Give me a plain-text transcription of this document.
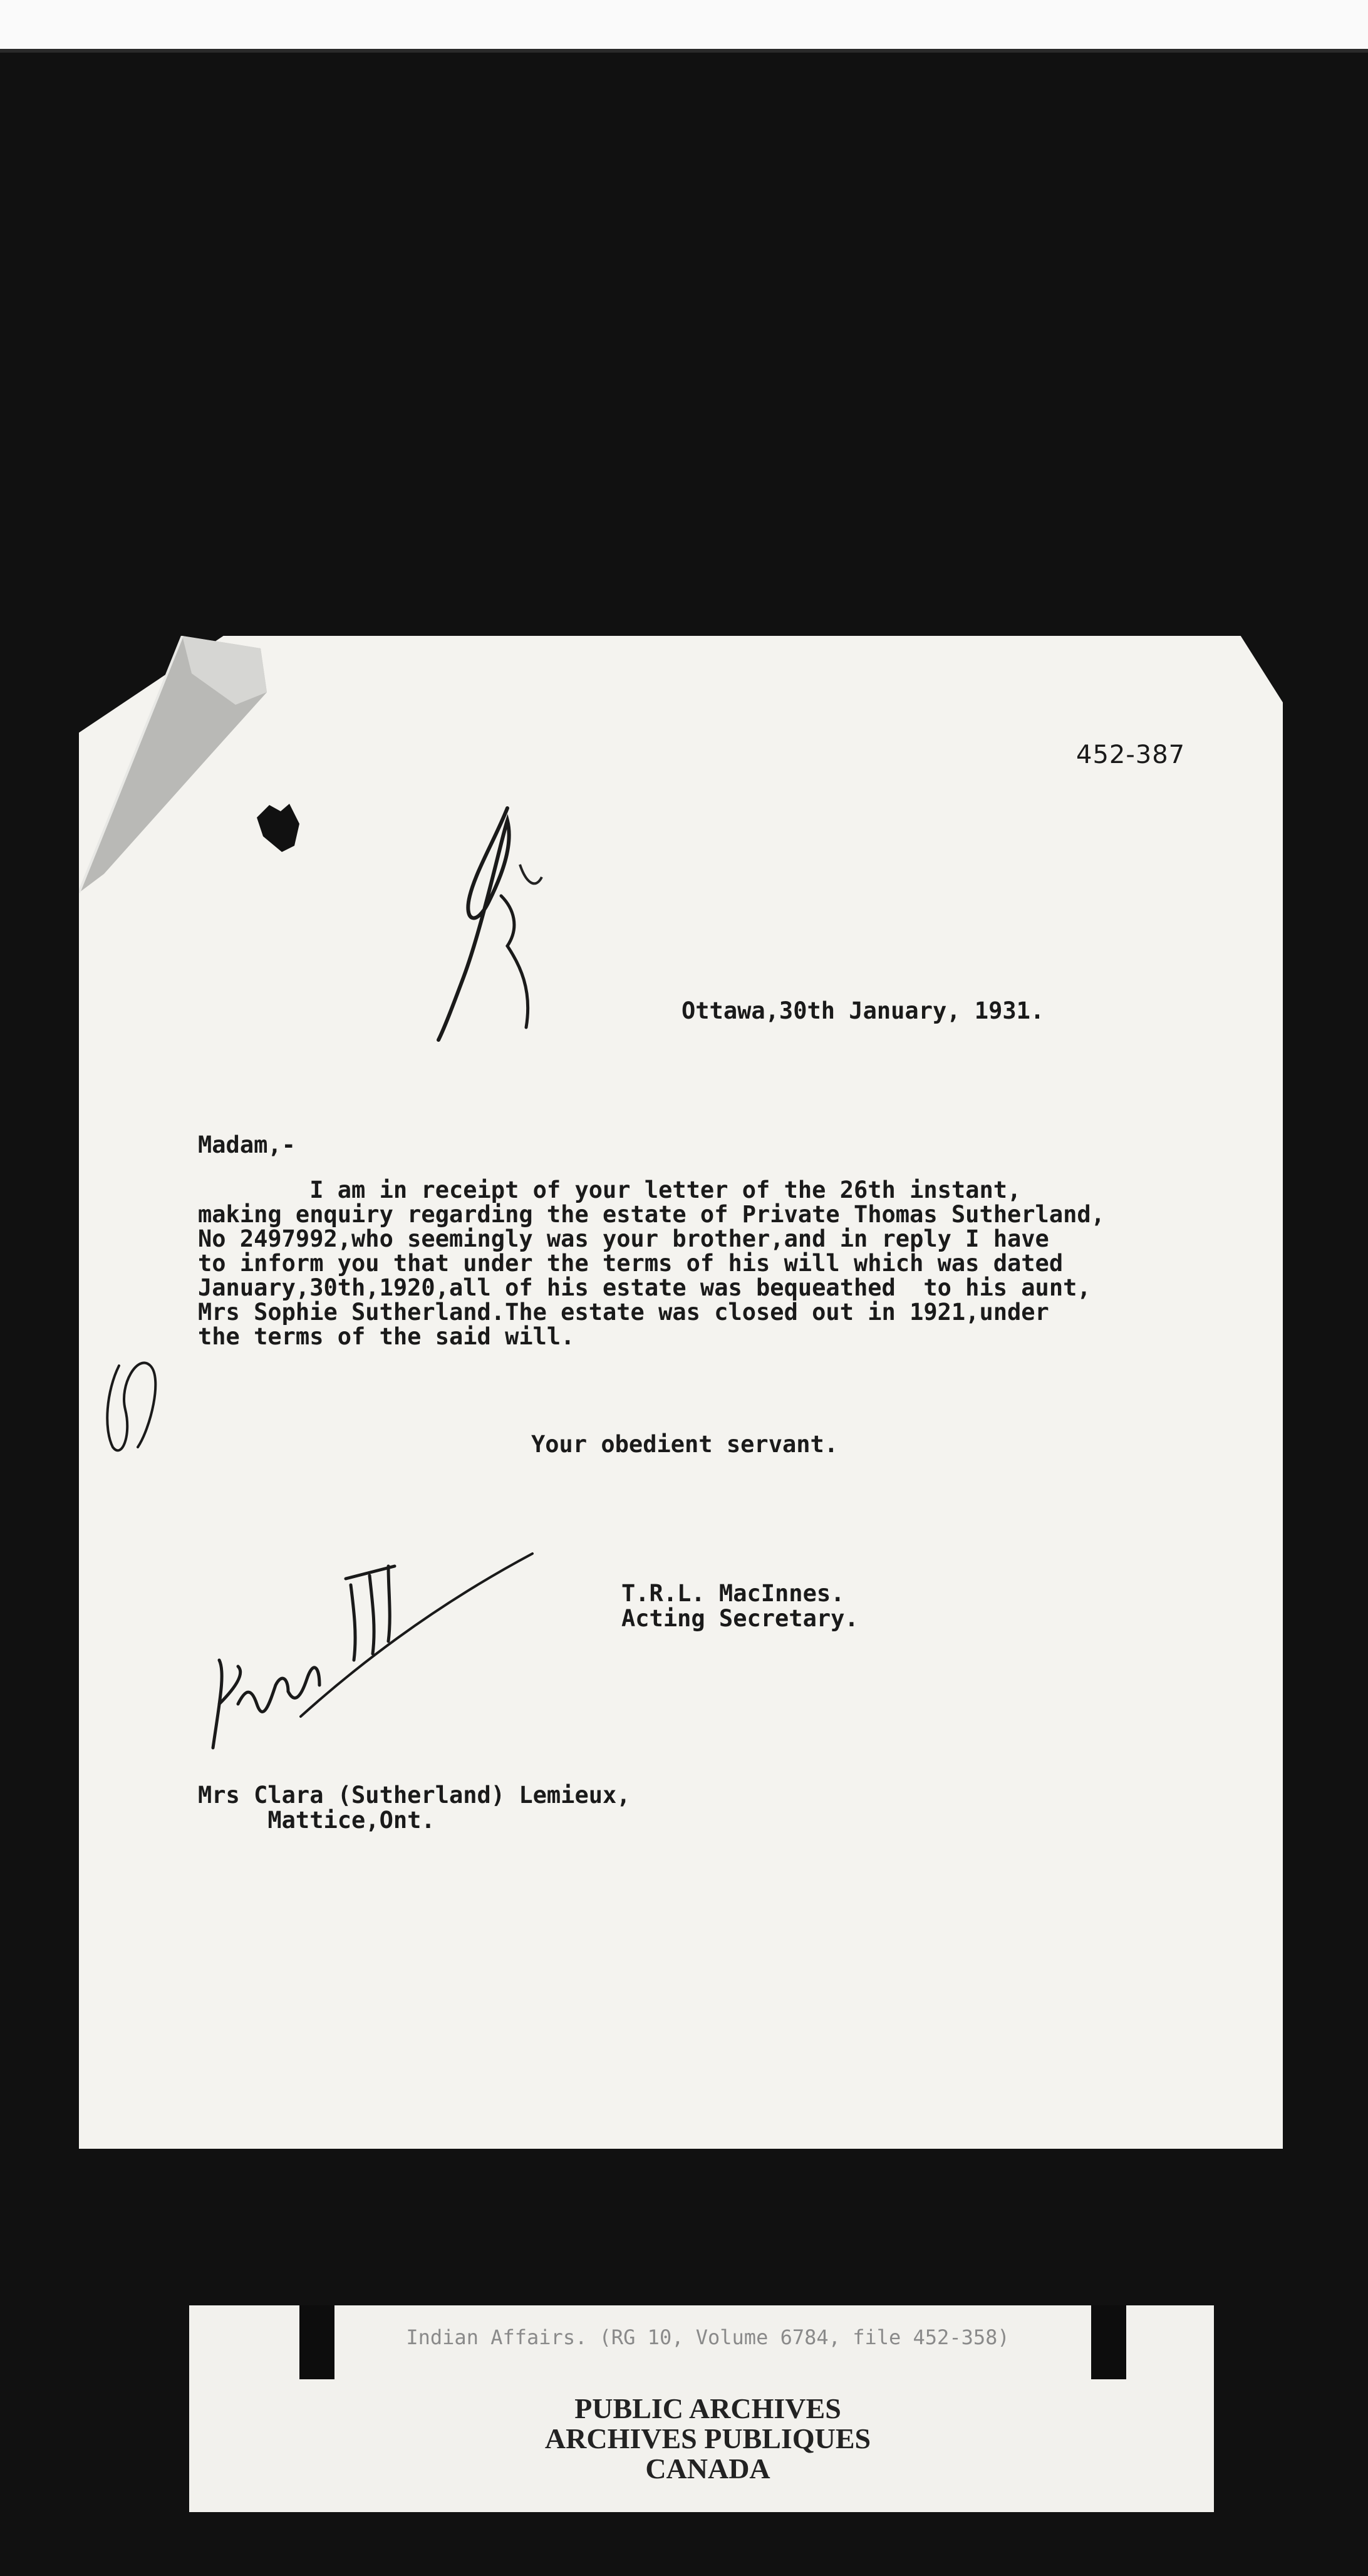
452-387
Ottawa,30th January, 1931.
Madam,-
I am in receipt of your letter of the 26th instant,
making enquiry regarding the estate of Private Thomas Sutherland,
No 2497992,who seemingly was your brother,and in reply I have
to inform you that under the terms of his will which was dated
January,30th,1920,all of his estate was bequeathed  to his aunt,
Mrs Sophie Sutherland.The estate was closed out in 1921,under
the terms of the said will.
Your obedient servant.
T.R.L. MacInnes.
Acting Secretary.
Mrs Clara (Sutherland) Lemieux,
Mattice,Ont.
Indian Affairs. (RG 10, Volume 6784, file 452-358)
PUBLIC ARCHIVES
ARCHIVES PUBLIQUES
CANADA
